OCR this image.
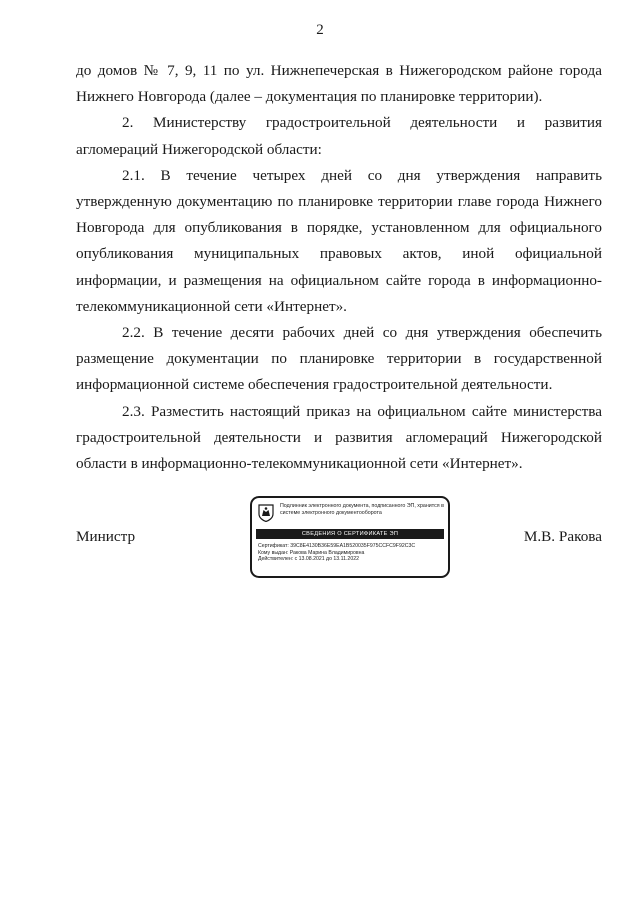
2

до домов № 7, 9, 11 по ул. Нижнепечерская в Нижегородском районе города Нижнего Новгорода (далее – документация по планировке территории).

2. Министерству градостроительной деятельности и развития агломераций Нижегородской области:

2.1. В течение четырех дней со дня утверждения направить утвержденную документацию по планировке территории главе города Нижнего Новгорода для опубликования в порядке, установленном для официального опубликования муниципальных правовых актов, иной официальной информации, и размещения на официальном сайте города в информационно-телекоммуникационной сети «Интернет».

2.2. В течение десяти рабочих дней со дня утверждения обеспечить размещение документации по планировке территории в государственной информационной системе обеспечения градостроительной деятельности.

2.3. Разместить настоящий приказ на официальном сайте министерства градостроительной деятельности и развития агломераций Нижегородской области в информационно-телекоммуникационной сети «Интернет».

Министр
Подлинник электронного документа, подписанного ЭП, хранится в системе электронного документооборота
СВЕДЕНИЯ О СЕРТИФИКАТЕ ЭП
Сертификат: 39C8E4130B36E59EA1B520035F975CCFC9F92C3C
Кому выдан: Ракова Марина Владимировна
Действителен: с 13.08.2021 до 13.11.2022
М.В. Ракова
